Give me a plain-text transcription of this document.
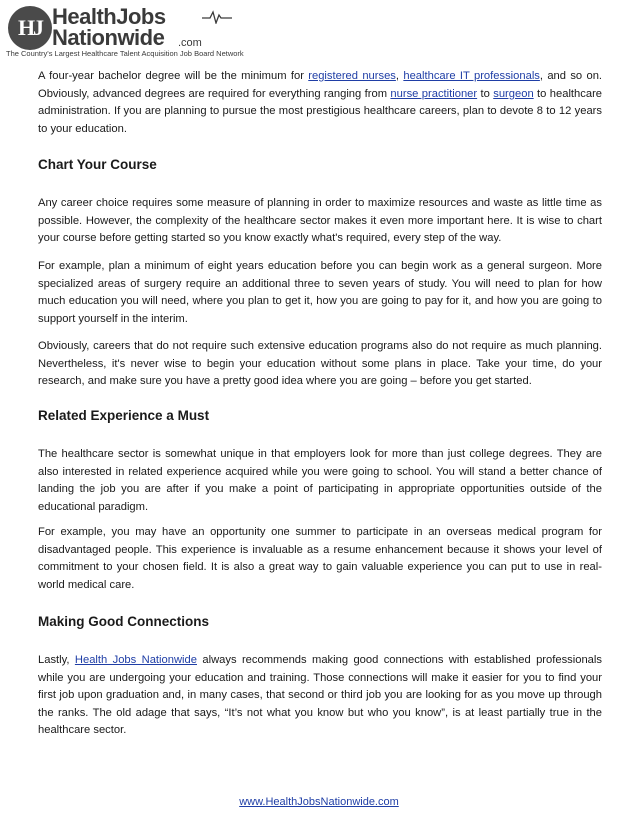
HJ HealthJobs
Nationwide .com
The Country's Largest Healthcare Talent Acquisition Job Board Network

A four-year bachelor degree will be the minimum for registered nurses, healthcare IT professionals, and so on. Obviously, advanced degrees are required for everything ranging from nurse practitioner to surgeon to healthcare administration. If you are planning to pursue the most prestigious healthcare careers, plan to devote 8 to 12 years to your education.

Chart Your Course

Any career choice requires some measure of planning in order to maximize resources and waste as little time as possible. However, the complexity of the healthcare sector makes it even more important here. It is wise to chart your course before getting started so you know exactly what's required, every step of the way.

For example, plan a minimum of eight years education before you can begin work as a general surgeon. More specialized areas of surgery require an additional three to seven years of study. You will need to plan for how much education you will need, where you plan to get it, how you are going to pay for it, and how you are going to support yourself in the interim.

Obviously, careers that do not require such extensive education programs also do not require as much planning. Nevertheless, it's never wise to begin your education without some plans in place. Take your time, do your research, and make sure you have a pretty good idea where you are going – before you get started.

Related Experience a Must

The healthcare sector is somewhat unique in that employers look for more than just college degrees. They are also interested in related experience acquired while you were going to school. You will stand a better chance of landing the job you are after if you make a point of participating in appropriate opportunities outside of the educational paradigm.

For example, you may have an opportunity one summer to participate in an overseas medical program for disadvantaged people. This experience is invaluable as a resume enhancement because it shows your level of commitment to your chosen field. It is also a great way to gain valuable experience you can put to use in real-world medical care.

Making Good Connections

Lastly, Health Jobs Nationwide always recommends making good connections with established professionals while you are undergoing your education and training. Those connections will make it easier for you to find your first job upon graduation and, in many cases, that second or third job you are looking for as you move up through the ranks. The old adage that says, “It’s not what you know but who you know”, is at least partially true in the healthcare sector.

www.HealthJobsNationwide.com
